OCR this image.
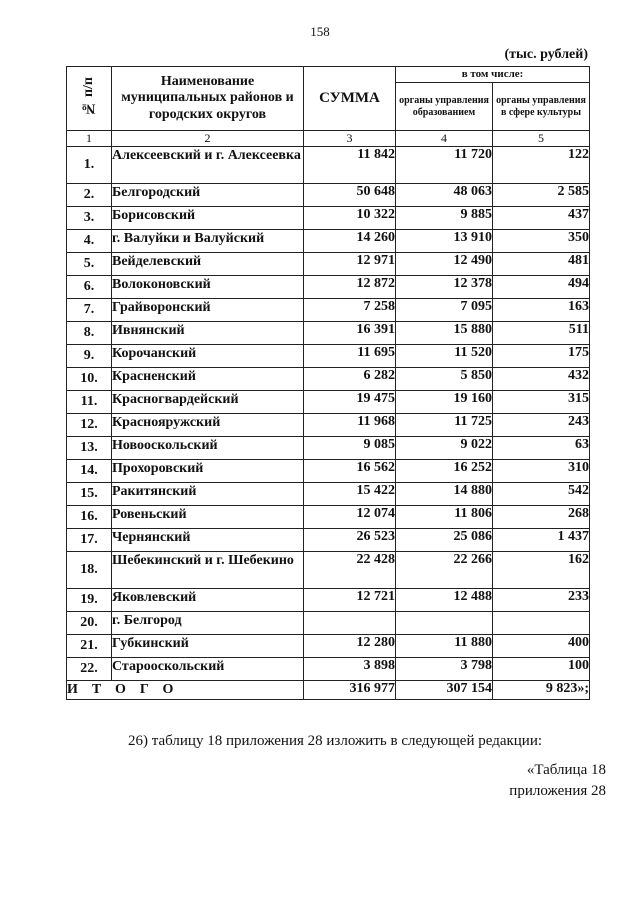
158
(тыс. рублей)
№ п/п	Наименование муниципальных районов и городских округов	СУММА	в том числе:	
			органы управления образованием	органы управления в сфере культуры
1	2	3	4	5
1.	Алексеевский и г. Алексеевка	11 842	11 720	122
2.	Белгородский	50 648	48 063	2 585
3.	Борисовский	10 322	9 885	437
4.	г. Валуйки и Валуйский	14 260	13 910	350
5.	Вейделевский	12 971	12 490	481
6.	Волоконовский	12 872	12 378	494
7.	Грайворонский	7 258	7 095	163
8.	Ивнянский	16 391	15 880	511
9.	Корочанский	11 695	11 520	175
10.	Красненский	6 282	5 850	432
11.	Красногвардейский	19 475	19 160	315
12.	Краснояружский	11 968	11 725	243
13.	Новооскольский	9 085	9 022	63
14.	Прохоровский	16 562	16 252	310
15.	Ракитянский	15 422	14 880	542
16.	Ровеньский	12 074	11 806	268
17.	Чернянский	26 523	25 086	1 437
18.	Шебекинский и г. Шебекино	22 428	22 266	162
19.	Яковлевский	12 721	12 488	233
20.	г. Белгород			
21.	Губкинский	12 280	11 880	400
22.	Старооскольский	3 898	3 798	100
ИТОГО		316 977	307 154	9 823»;
26) таблицу 18 приложения 28 изложить в следующей редакции:
«Таблица 18
приложения 28
